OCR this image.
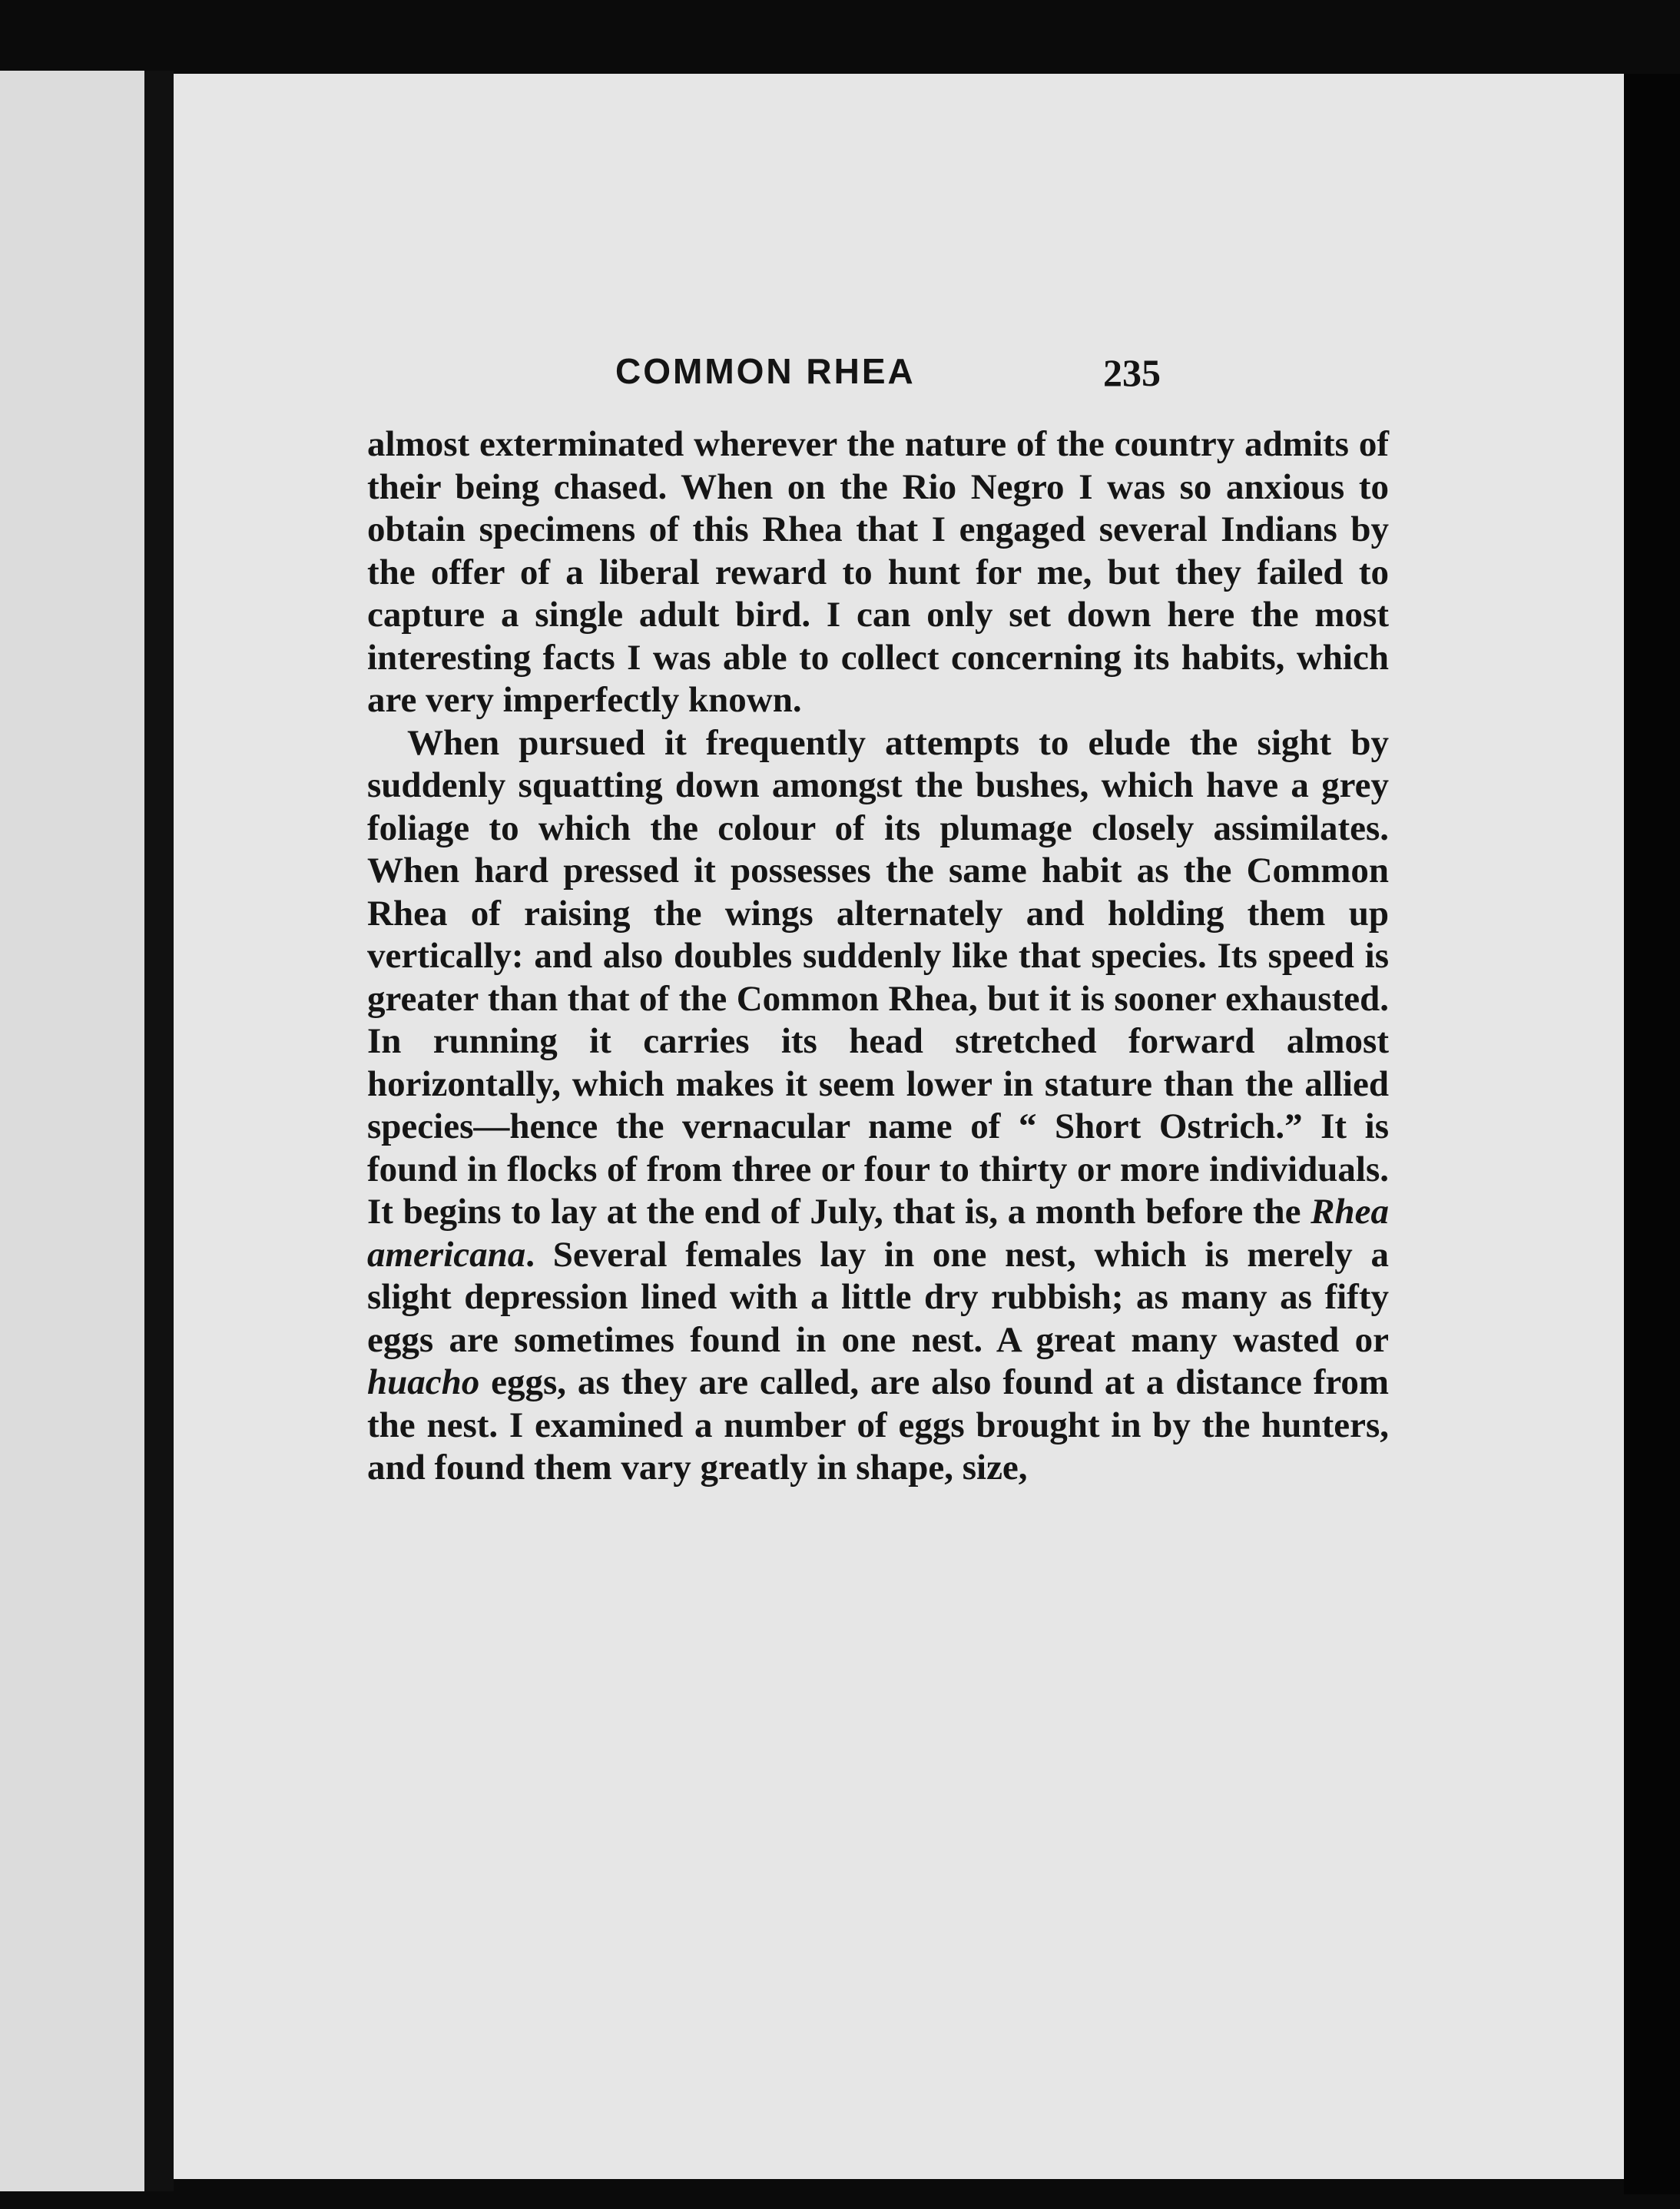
COMMON RHEA	235

almost exterminated wherever the nature of the country admits of their being chased. When on the Rio Negro I was so anxious to obtain specimens of this Rhea that I engaged several Indians by the offer of a liberal reward to hunt for me, but they failed to capture a single adult bird. I can only set down here the most interesting facts I was able to collect concerning its habits, which are very imperfectly known.

When pursued it frequently attempts to elude the sight by suddenly squatting down amongst the bushes, which have a grey foliage to which the colour of its plumage closely assimilates. When hard pressed it possesses the same habit as the Common Rhea of raising the wings alternately and holding them up vertically: and also doubles suddenly like that species. Its speed is greater than that of the Common Rhea, but it is sooner exhausted. In running it carries its head stretched forward almost horizontally, which makes it seem lower in stature than the allied species—hence the vernacular name of “ Short Ostrich.” It is found in flocks of from three or four to thirty or more individuals. It begins to lay at the end of July, that is, a month before the Rhea americana. Several females lay in one nest, which is merely a slight depression lined with a little dry rubbish; as many as fifty eggs are sometimes found in one nest. A great many wasted or huacho eggs, as they are called, are also found at a distance from the nest. I examined a number of eggs brought in by the hunters, and found them vary greatly in shape, size,
